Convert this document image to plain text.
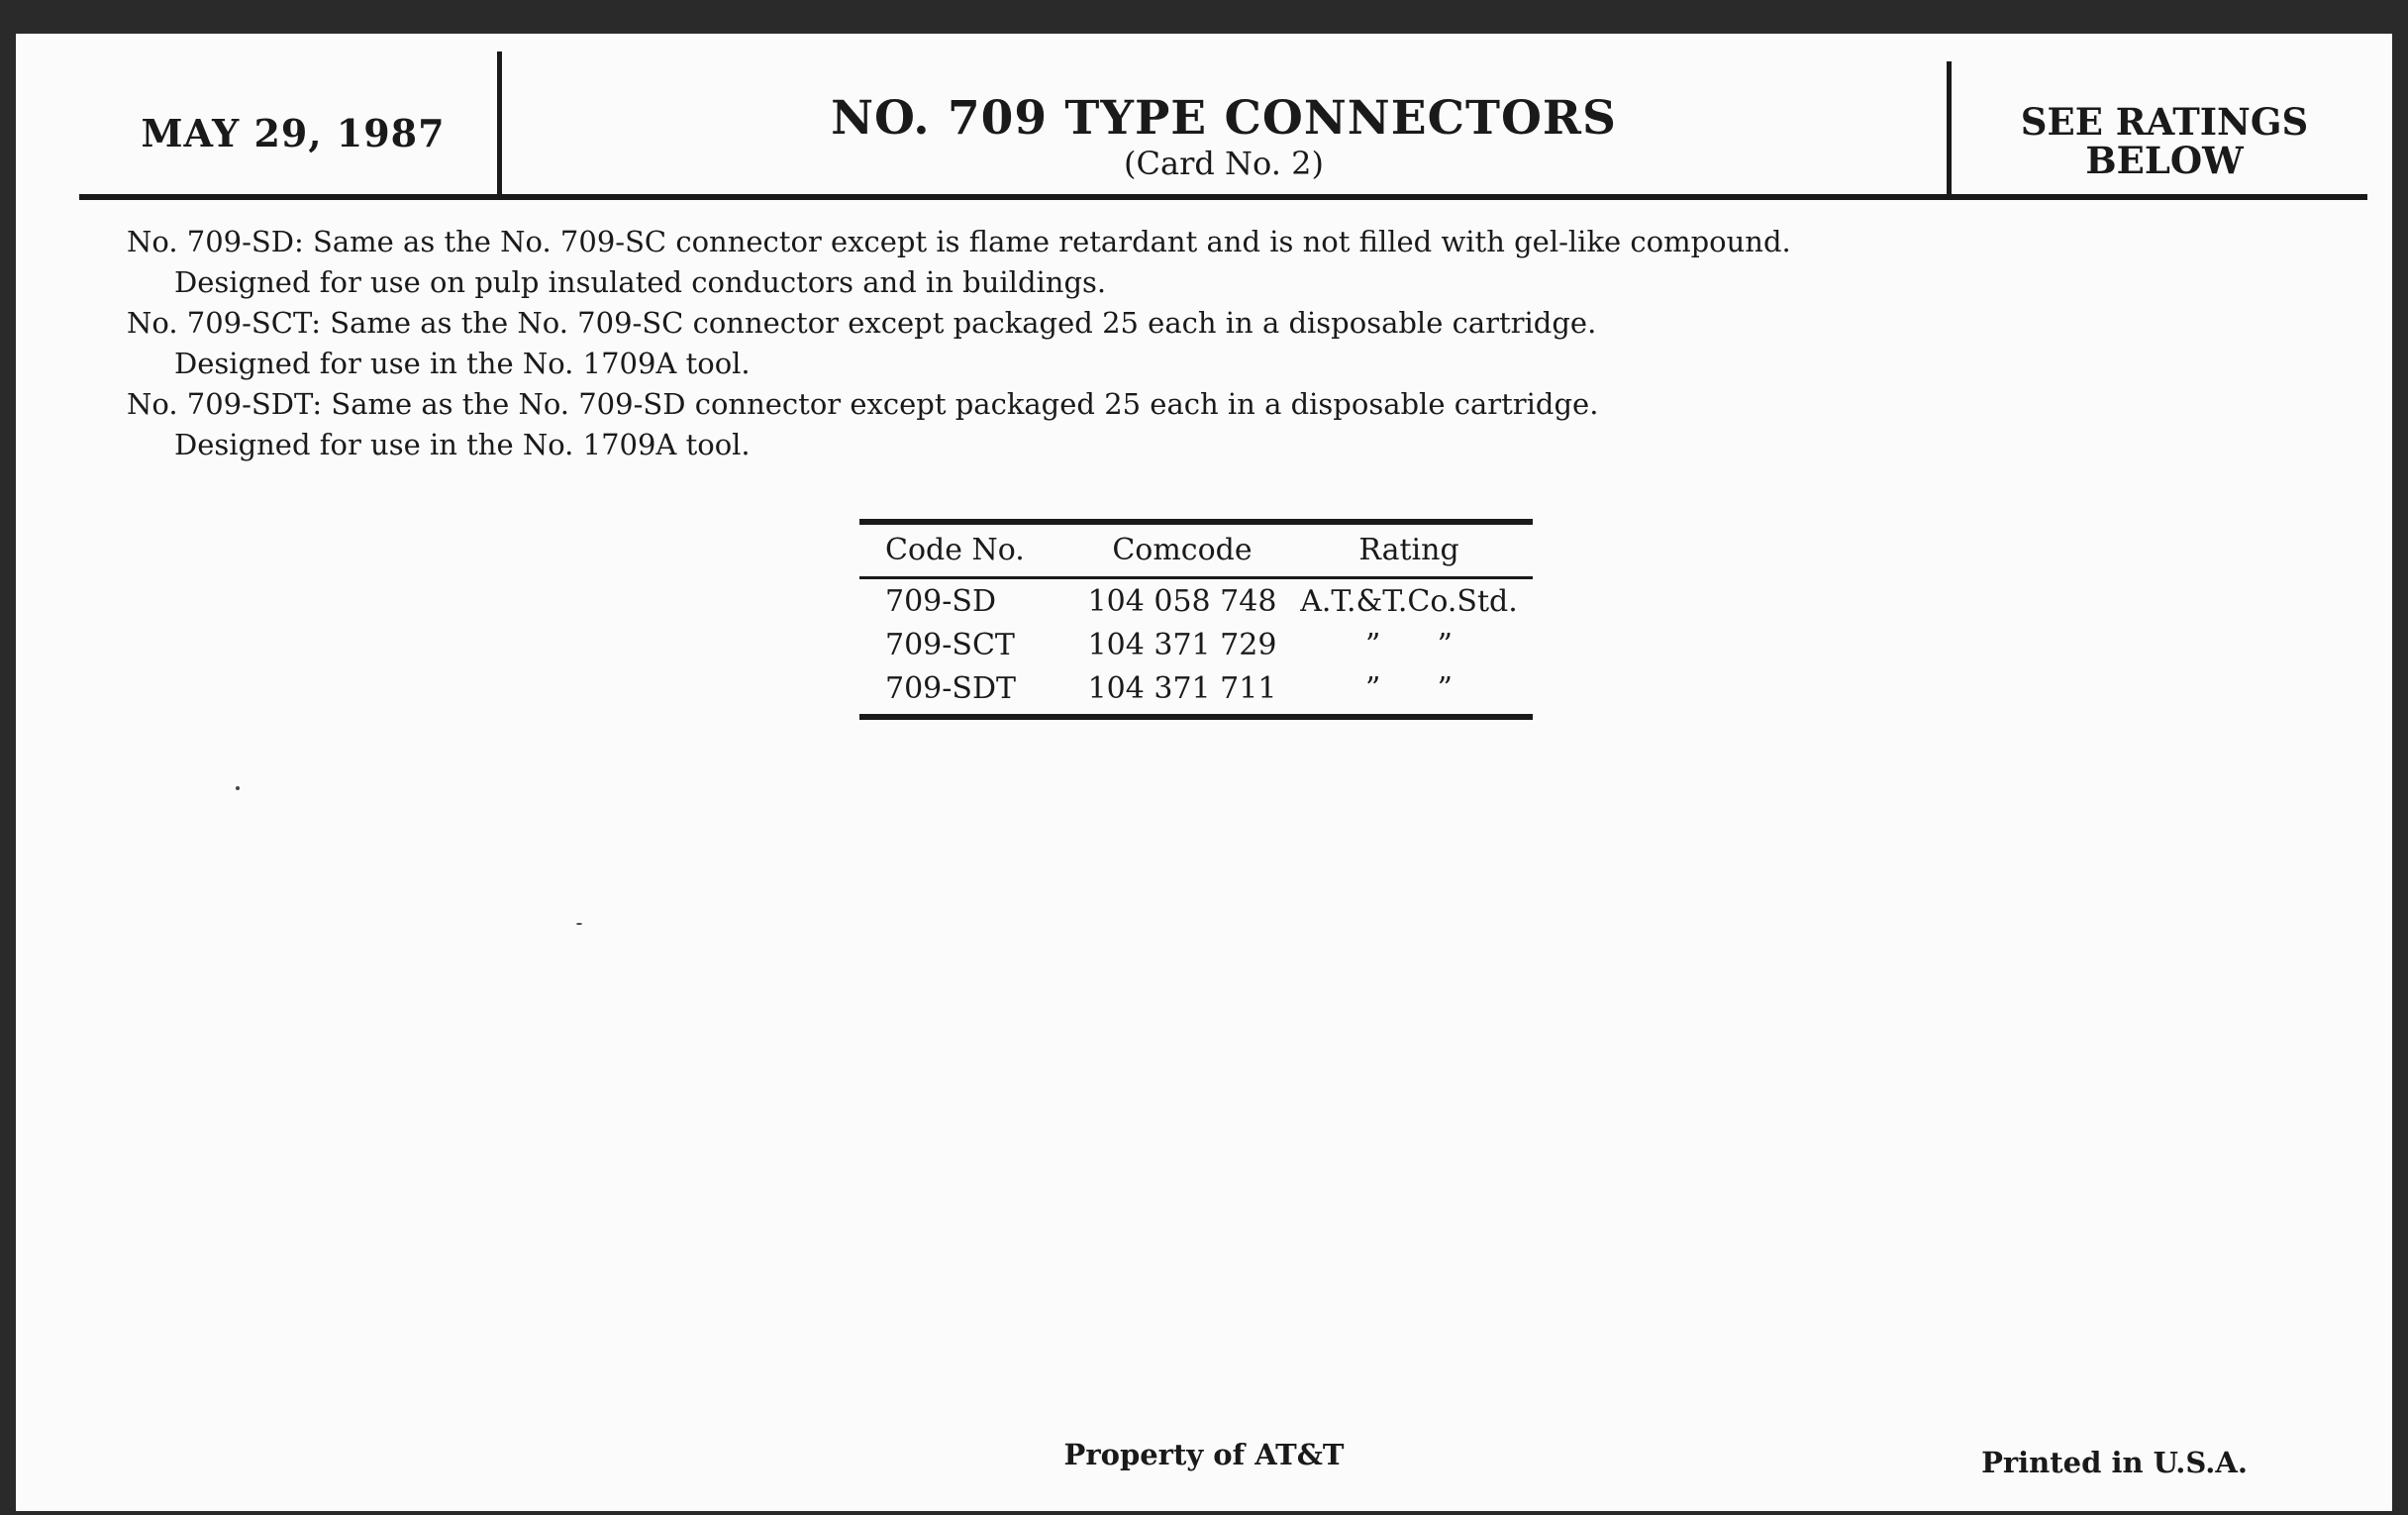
MAY 29, 1987	NO. 709 TYPE CONNECTORS
(Card No. 2)
SEE RATINGS
BELOW

No. 709-SD: Same as the No. 709-SC connector except is flame retardant and is not filled with gel-like compound.

Designed for use on pulp insulated conductors and in buildings.

No. 709-SCT: Same as the No. 709-SC connector except packaged 25 each in a disposable cartridge.

Designed for use in the No. 1709A tool.

No. 709-SDT: Same as the No. 709-SD connector except packaged 25 each in a disposable cartridge.

Designed for use in the No. 1709A tool.

Code No.	Comcode	Rating
709-SD	104 058 748 A.T.&T.Co.Std.
709-SCT	104 371 729	”      ”
709-SDT	104 371 711	”      ”
Property of AT&T	Printed in U.S.A.
